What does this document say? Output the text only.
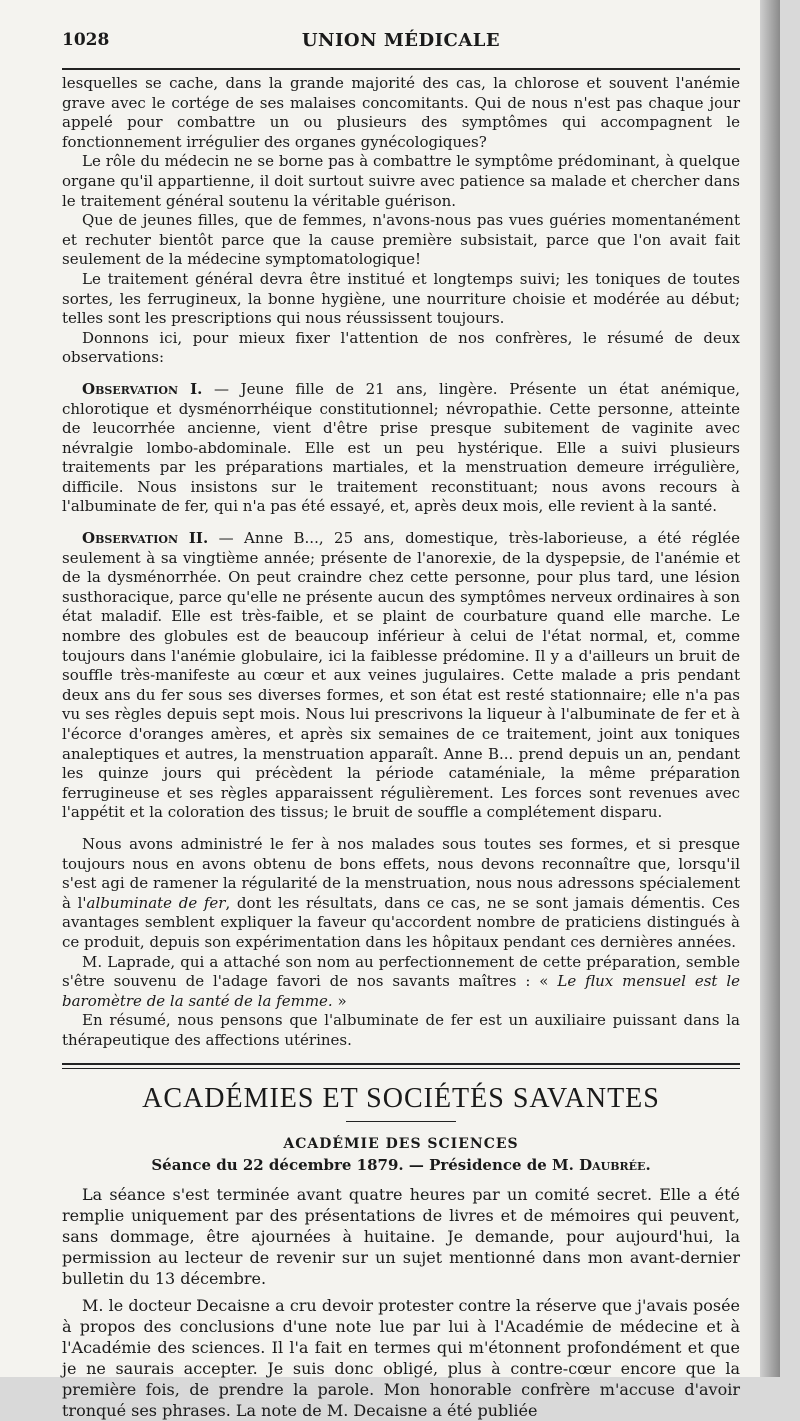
1028	UNION MÉDICALE

lesquelles se cache, dans la grande majorité des cas, la chlorose et souvent l'anémie grave avec le cortége de ses malaises concomitants. Qui de nous n'est pas chaque jour appelé pour combattre un ou plusieurs des symptômes qui accompagnent le fonctionnement irrégulier des organes gynécologiques?

Le rôle du médecin ne se borne pas à combattre le symptôme prédominant, à quelque organe qu'il appartienne, il doit surtout suivre avec patience sa malade et chercher dans le traitement général soutenu la véritable guérison.

Que de jeunes filles, que de femmes, n'avons-nous pas vues guéries momentanément et rechuter bientôt parce que la cause première subsistait, parce que l'on avait fait seulement de la médecine symptomatologique!

Le traitement général devra être institué et longtemps suivi; les toniques de toutes sortes, les ferrugineux, la bonne hygiène, une nourriture choisie et modérée au début; telles sont les prescriptions qui nous réussissent toujours.

Donnons ici, pour mieux fixer l'attention de nos confrères, le résumé de deux observations:

Observation I. — Jeune fille de 21 ans, lingère. Présente un état anémique, chlorotique et dysménorrhéique constitutionnel; névropathie. Cette personne, atteinte de leucorrhée ancienne, vient d'être prise presque subitement de vaginite avec névralgie lombo-abdominale. Elle est un peu hystérique. Elle a suivi plusieurs traitements par les préparations martiales, et la menstruation demeure irrégulière, difficile. Nous insistons sur le traitement reconstituant; nous avons recours à l'albuminate de fer, qui n'a pas été essayé, et, après deux mois, elle revient à la santé.

Observation II. — Anne B..., 25 ans, domestique, très-laborieuse, a été réglée seulement à sa vingtième année; présente de l'anorexie, de la dyspepsie, de l'anémie et de la dysménorrhée. On peut craindre chez cette personne, pour plus tard, une lésion susthoracique, parce qu'elle ne présente aucun des symptômes nerveux ordinaires à son état maladif. Elle est très-faible, et se plaint de courbature quand elle marche. Le nombre des globules est de beaucoup inférieur à celui de l'état normal, et, comme toujours dans l'anémie globulaire, ici la faiblesse prédomine. Il y a d'ailleurs un bruit de souffle très-manifeste au cœur et aux veines jugulaires. Cette malade a pris pendant deux ans du fer sous ses diverses formes, et son état est resté stationnaire; elle n'a pas vu ses règles depuis sept mois. Nous lui prescrivons la liqueur à l'albuminate de fer et à l'écorce d'oranges amères, et après six semaines de ce traitement, joint aux toniques analeptiques et autres, la menstruation apparaît. Anne B... prend depuis un an, pendant les quinze jours qui précèdent la période cataméniale, la même préparation ferrugineuse et ses règles apparaissent régulièrement. Les forces sont revenues avec l'appétit et la coloration des tissus; le bruit de souffle a complétement disparu.

Nous avons administré le fer à nos malades sous toutes ses formes, et si presque toujours nous en avons obtenu de bons effets, nous devons reconnaître que, lorsqu'il s'est agi de ramener la régularité de la menstruation, nous nous adressons spécialement à l'albuminate de fer, dont les résultats, dans ce cas, ne se sont jamais démentis. Ces avantages semblent expliquer la faveur qu'accordent nombre de praticiens distingués à ce produit, depuis son expérimentation dans les hôpitaux pendant ces dernières années.

M. Laprade, qui a attaché son nom au perfectionnement de cette préparation, semble s'être souvenu de l'adage favori de nos savants maîtres : « Le flux mensuel est le baromètre de la santé de la femme. »

En résumé, nous pensons que l'albuminate de fer est un auxiliaire puissant dans la thérapeutique des affections utérines.

ACADÉMIES ET SOCIÉTÉS SAVANTES
ACADÉMIE DES SCIENCES
Séance du 22 décembre 1879. — Présidence de M. Daubrée.

La séance s'est terminée avant quatre heures par un comité secret. Elle a été remplie uniquement par des présentations de livres et de mémoires qui peuvent, sans dommage, être ajournées à huitaine. Je demande, pour aujourd'hui, la permission au lecteur de revenir sur un sujet mentionné dans mon avant-dernier bulletin du 13 décembre.

M. le docteur Decaisne a cru devoir protester contre la réserve que j'avais posée à propos des conclusions d'une note lue par lui à l'Académie de médecine et à l'Académie des sciences. Il l'a fait en termes qui m'étonnent profondément et que je ne saurais accepter. Je suis donc obligé, plus à contre-cœur encore que la première fois, de prendre la parole. Mon honorable confrère m'accuse d'avoir tronqué ses phrases. La note de M. Decaisne a été publiée
